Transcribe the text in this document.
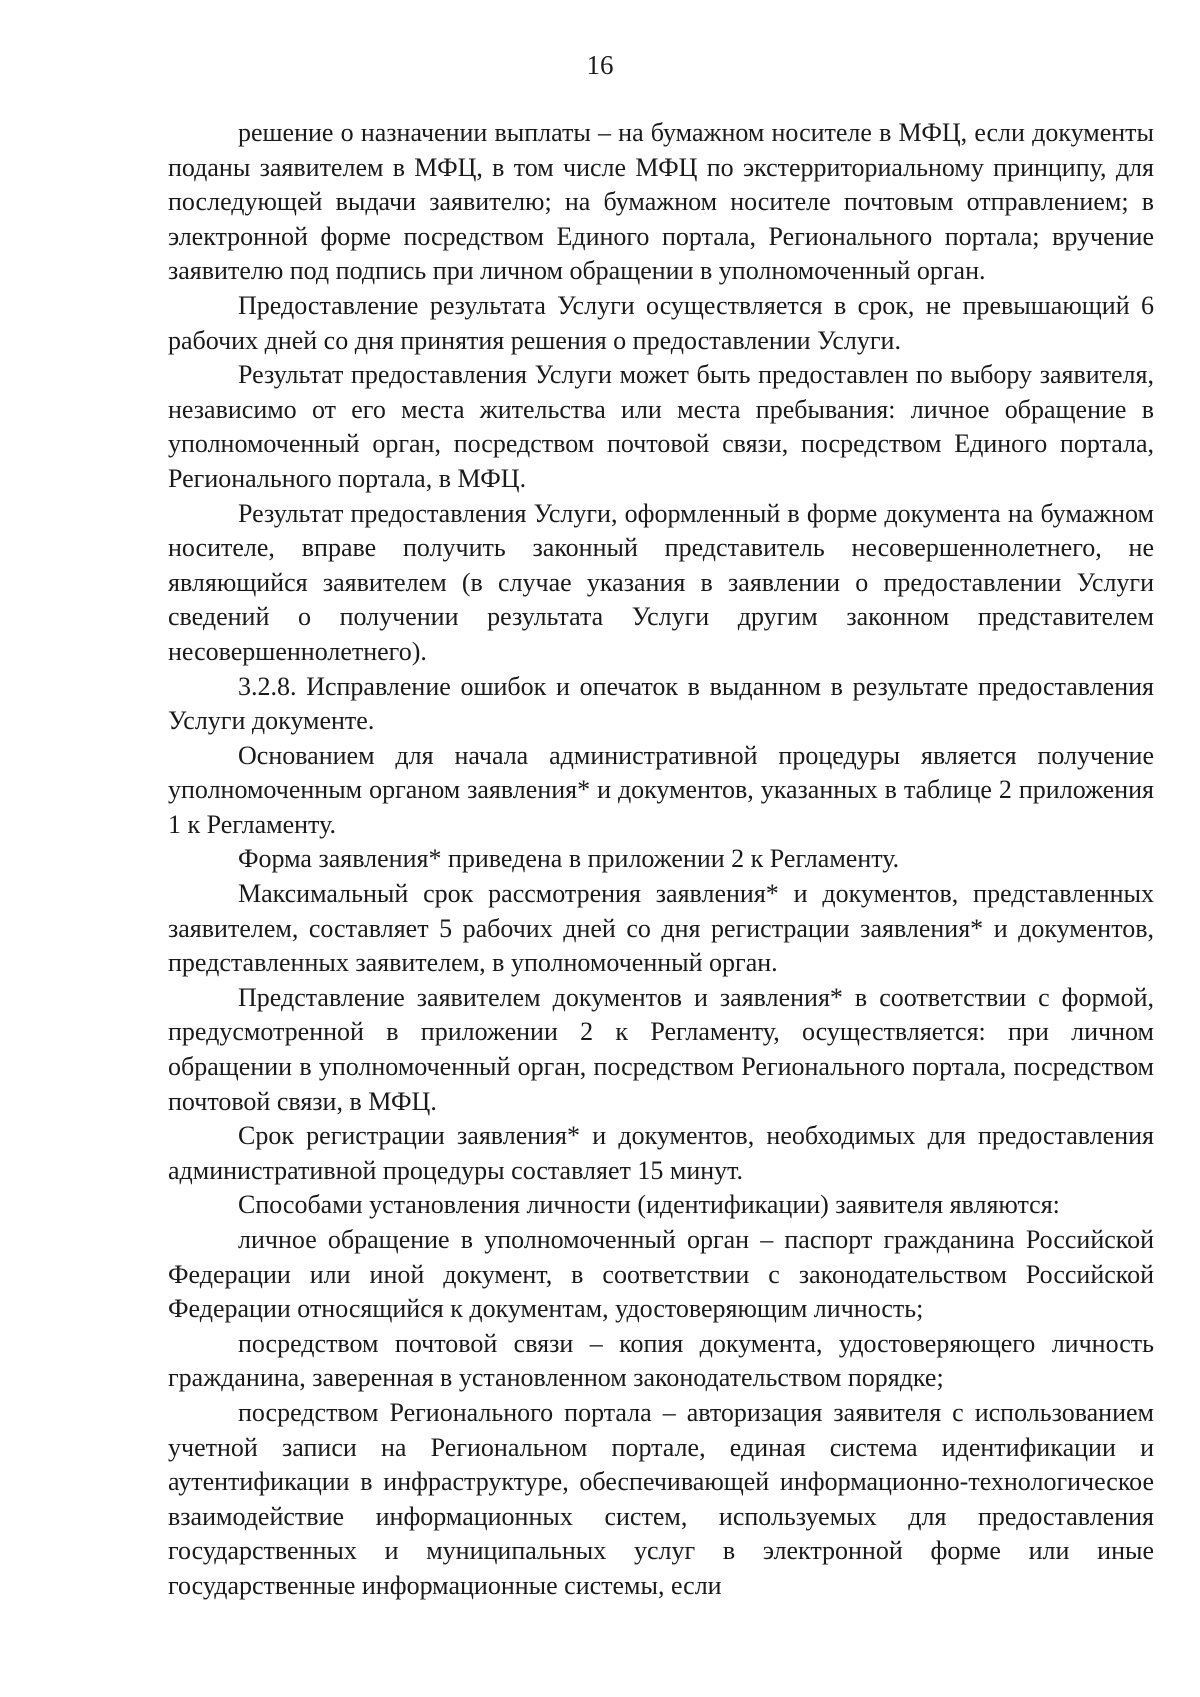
16

решение о назначении выплаты – на бумажном носителе в МФЦ, если документы поданы заявителем в МФЦ, в том числе МФЦ по экстерриториальному принципу, для последующей выдачи заявителю; на бумажном носителе почтовым отправлением; в электронной форме посредством Единого портала, Регионального портала; вручение заявителю под подпись при личном обращении в уполномоченный орган.

Предоставление результата Услуги осуществляется в срок, не превышающий 6 рабочих дней со дня принятия решения о предоставлении Услуги.

Результат предоставления Услуги может быть предоставлен по выбору заявителя, независимо от его места жительства или места пребывания: личное обращение в уполномоченный орган, посредством почтовой связи, посредством Единого портала, Регионального портала, в МФЦ.

Результат предоставления Услуги, оформленный в форме документа на бумажном носителе, вправе получить законный представитель несовершеннолетнего, не являющийся заявителем (в случае указания в заявлении о предоставлении Услуги сведений о получении результата Услуги другим законном представителем несовершеннолетнего).

3.2.8. Исправление ошибок и опечаток в выданном в результате предоставления Услуги документе.

Основанием для начала административной процедуры является получение уполномоченным органом заявления* и документов, указанных в таблице 2 приложения 1 к Регламенту.

Форма заявления* приведена в приложении 2 к Регламенту.

Максимальный срок рассмотрения заявления* и документов, представленных заявителем, составляет 5 рабочих дней со дня регистрации заявления* и документов, представленных заявителем, в уполномоченный орган.

Представление заявителем документов и заявления* в соответствии с формой, предусмотренной в приложении 2 к Регламенту, осуществляется: при личном обращении в уполномоченный орган, посредством Регионального портала, посредством почтовой связи, в МФЦ.

Срок регистрации заявления* и документов, необходимых для предоставления административной процедуры составляет 15 минут.

Способами установления личности (идентификации) заявителя являются:

личное обращение в уполномоченный орган – паспорт гражданина Российской Федерации или иной документ, в соответствии с законодательством Российской Федерации относящийся к документам, удостоверяющим личность;

посредством почтовой связи – копия документа, удостоверяющего личность гражданина, заверенная в установленном законодательством порядке;

посредством Регионального портала – авторизация заявителя с использованием учетной записи на Региональном портале, единая система идентификации и аутентификации в инфраструктуре, обеспечивающей информационно-технологическое взаимодействие информационных систем, используемых для предоставления государственных и муниципальных услуг в электронной форме или иные государственные информационные системы, если
